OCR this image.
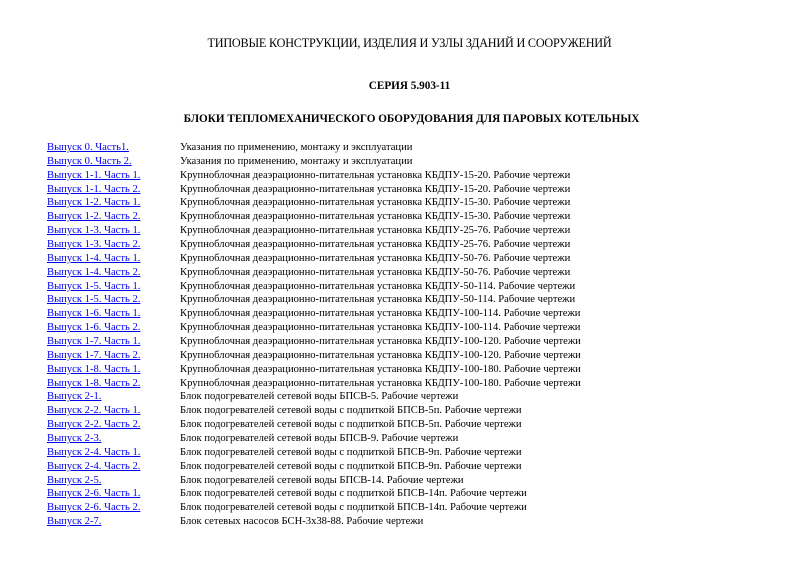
ТИПОВЫЕ КОНСТРУКЦИИ, ИЗДЕЛИЯ И УЗЛЫ ЗДАНИЙ И СООРУЖЕНИЙ
СЕРИЯ 5.903-11
БЛОКИ ТЕПЛОМЕХАНИЧЕСКОГО ОБОРУДОВАНИЯ ДЛЯ ПАРОВЫХ КОТЕЛЬНЫХ
Выпуск 0. Часть1.	Указания по применению, монтажу и эксплуатации
Выпуск 0. Часть 2.	Указания по применению, монтажу и эксплуатации
Выпуск 1-1. Часть 1.	Крупноблочная деаэрационно-питательная установка КБДПУ-15-20. Рабочие чертежи
Выпуск 1-1. Часть 2.	Крупноблочная деаэрационно-питательная установка КБДПУ-15-20. Рабочие чертежи
Выпуск 1-2. Часть 1.	Крупноблочная деаэрационно-питательная установка КБДПУ-15-30. Рабочие чертежи
Выпуск 1-2. Часть 2.	Крупноблочная деаэрационно-питательная установка КБДПУ-15-30. Рабочие чертежи
Выпуск 1-3. Часть 1.	Крупноблочная деаэрационно-питательная установка КБДПУ-25-76. Рабочие чертежи
Выпуск 1-3. Часть 2.	Крупноблочная деаэрационно-питательная установка КБДПУ-25-76. Рабочие чертежи
Выпуск 1-4. Часть 1.	Крупноблочная деаэрационно-питательная установка КБДПУ-50-76. Рабочие чертежи
Выпуск 1-4. Часть 2.	Крупноблочная деаэрационно-питательная установка КБДПУ-50-76. Рабочие чертежи
Выпуск 1-5. Часть 1.	Крупноблочная деаэрационно-питательная установка КБДПУ-50-114. Рабочие чертежи
Выпуск 1-5. Часть 2.	Крупноблочная деаэрационно-питательная установка КБДПУ-50-114. Рабочие чертежи
Выпуск 1-6. Часть 1.	Крупноблочная деаэрационно-питательная установка КБДПУ-100-114. Рабочие чертежи
Выпуск 1-6. Часть 2.	Крупноблочная деаэрационно-питательная установка КБДПУ-100-114. Рабочие чертежи
Выпуск 1-7. Часть 1.	Крупноблочная деаэрационно-питательная установка КБДПУ-100-120. Рабочие чертежи
Выпуск 1-7. Часть 2.	Крупноблочная деаэрационно-питательная установка КБДПУ-100-120. Рабочие чертежи
Выпуск 1-8. Часть 1.	Крупноблочная деаэрационно-питательная установка КБДПУ-100-180. Рабочие чертежи
Выпуск 1-8. Часть 2.	Крупноблочная деаэрационно-питательная установка КБДПУ-100-180. Рабочие чертежи
Выпуск 2-1.	Блок подогревателей сетевой воды БПСВ-5. Рабочие чертежи
Выпуск 2-2. Часть 1.	Блок подогревателей сетевой воды с подпиткой БПСВ-5п. Рабочие чертежи
Выпуск 2-2. Часть 2.	Блок подогревателей сетевой воды с подпиткой БПСВ-5п. Рабочие чертежи
Выпуск 2-3.	Блок подогревателей сетевой воды БПСВ-9. Рабочие чертежи
Выпуск 2-4. Часть 1.	Блок подогревателей сетевой воды с подпиткой БПСВ-9п. Рабочие чертежи
Выпуск 2-4. Часть 2.	Блок подогревателей сетевой воды с подпиткой БПСВ-9п. Рабочие чертежи
Выпуск 2-5.	Блок подогревателей сетевой воды БПСВ-14. Рабочие чертежи
Выпуск 2-6. Часть 1.	Блок подогревателей сетевой воды с подпиткой БПСВ-14п. Рабочие чертежи
Выпуск 2-6. Часть 2.	Блок подогревателей сетевой воды с подпиткой БПСВ-14п. Рабочие чертежи
Выпуск 2-7.	Блок сетевых насосов БСН-3х38-88. Рабочие чертежи
